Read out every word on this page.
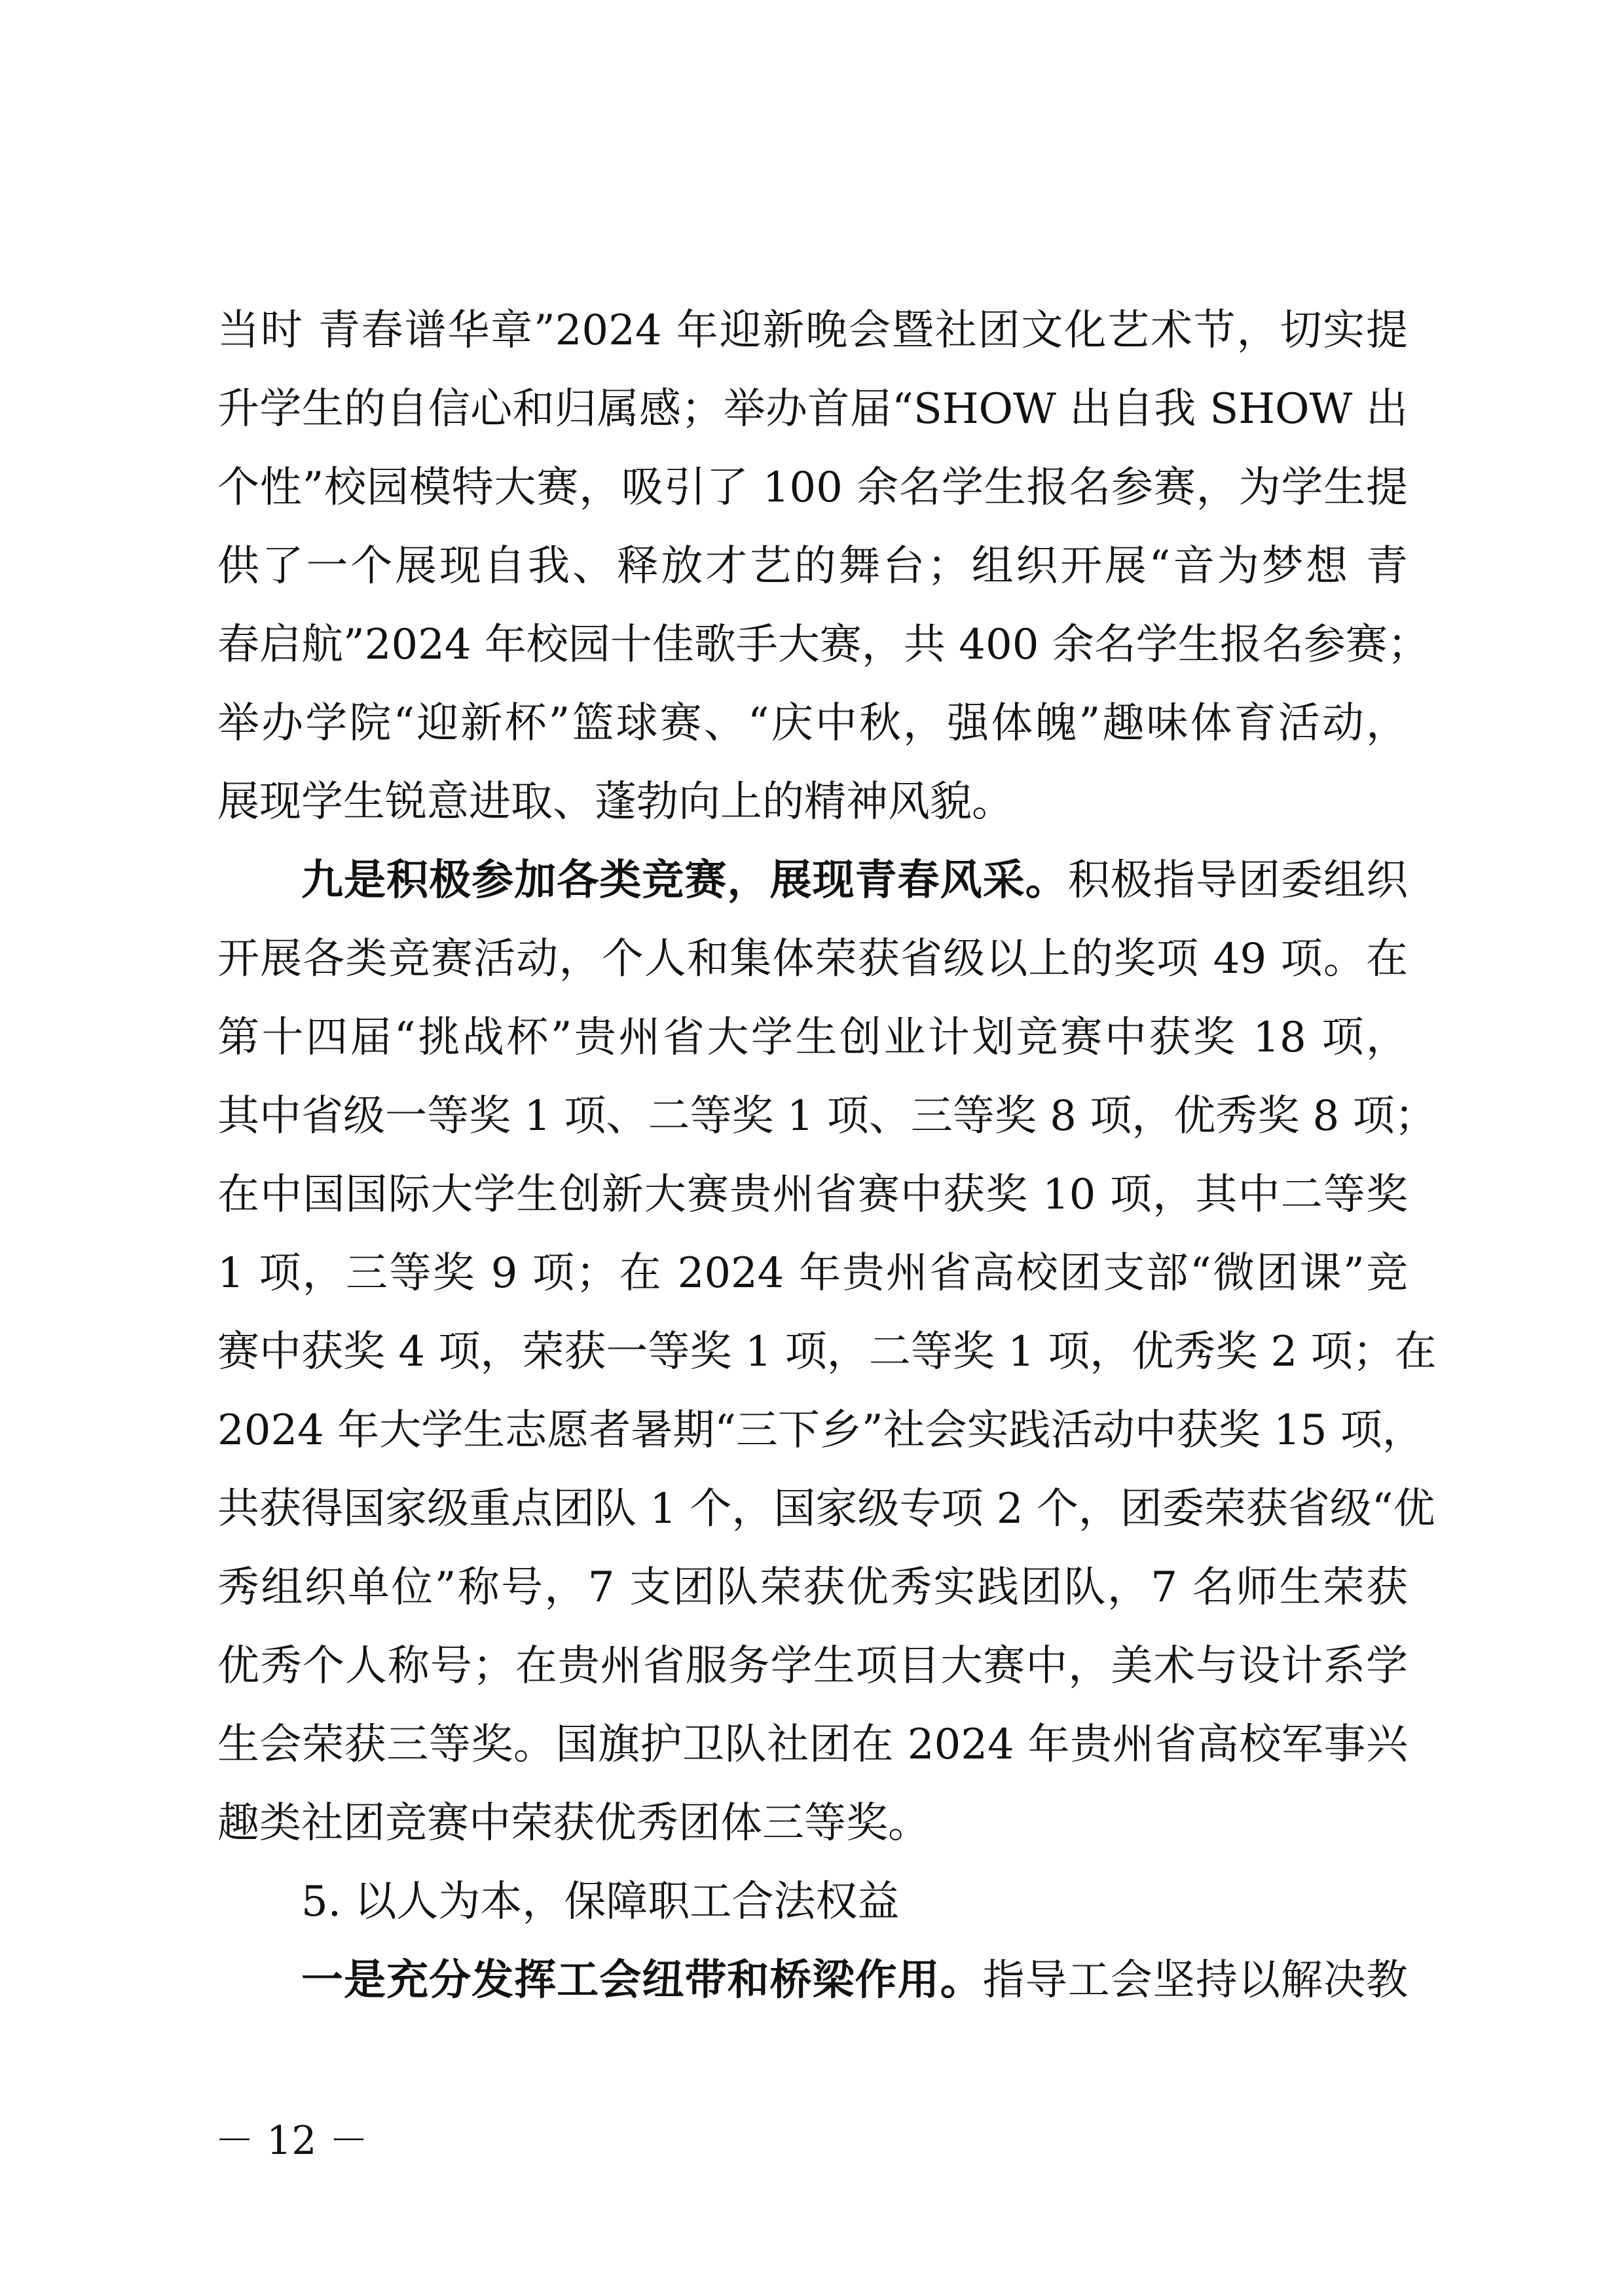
当时 青春谱华章”2024 年迎新晚会暨社团文化艺术节，切实提
升学生的自信心和归属感；举办首届“SHOW 出自我 SHOW 出
个性”校园模特大赛，吸引了 100 余名学生报名参赛，为学生提
供了一个展现自我、释放才艺的舞台；组织开展“音为梦想 青
春启航”2024 年校园十佳歌手大赛，共 400 余名学生报名参赛；
举办学院“迎新杯”篮球赛、“庆中秋，强体魄”趣味体育活动，
展现学生锐意进取、蓬勃向上的精神风貌。
九是积极参加各类竞赛，展现青春风采。积极指导团委组织
开展各类竞赛活动，个人和集体荣获省级以上的奖项 49 项。在
第十四届“挑战杯”贵州省大学生创业计划竞赛中获奖 18 项，
其中省级一等奖 1 项、二等奖 1 项、三等奖 8 项，优秀奖 8 项；
在中国国际大学生创新大赛贵州省赛中获奖 10 项，其中二等奖
1 项，三等奖 9 项；在 2024 年贵州省高校团支部“微团课”竞
赛中获奖 4 项，荣获一等奖 1 项，二等奖 1 项，优秀奖 2 项；在
2024 年大学生志愿者暑期“三下乡”社会实践活动中获奖 15 项，
共获得国家级重点团队 1 个，国家级专项 2 个，团委荣获省级“优
秀组织单位”称号，7 支团队荣获优秀实践团队，7 名师生荣获
优秀个人称号；在贵州省服务学生项目大赛中，美术与设计系学
生会荣获三等奖。国旗护卫队社团在 2024 年贵州省高校军事兴
趣类社团竞赛中荣获优秀团体三等奖。
5. 以人为本，保障职工合法权益
一是充分发挥工会纽带和桥梁作用。指导工会坚持以解决教
－ 12 －
